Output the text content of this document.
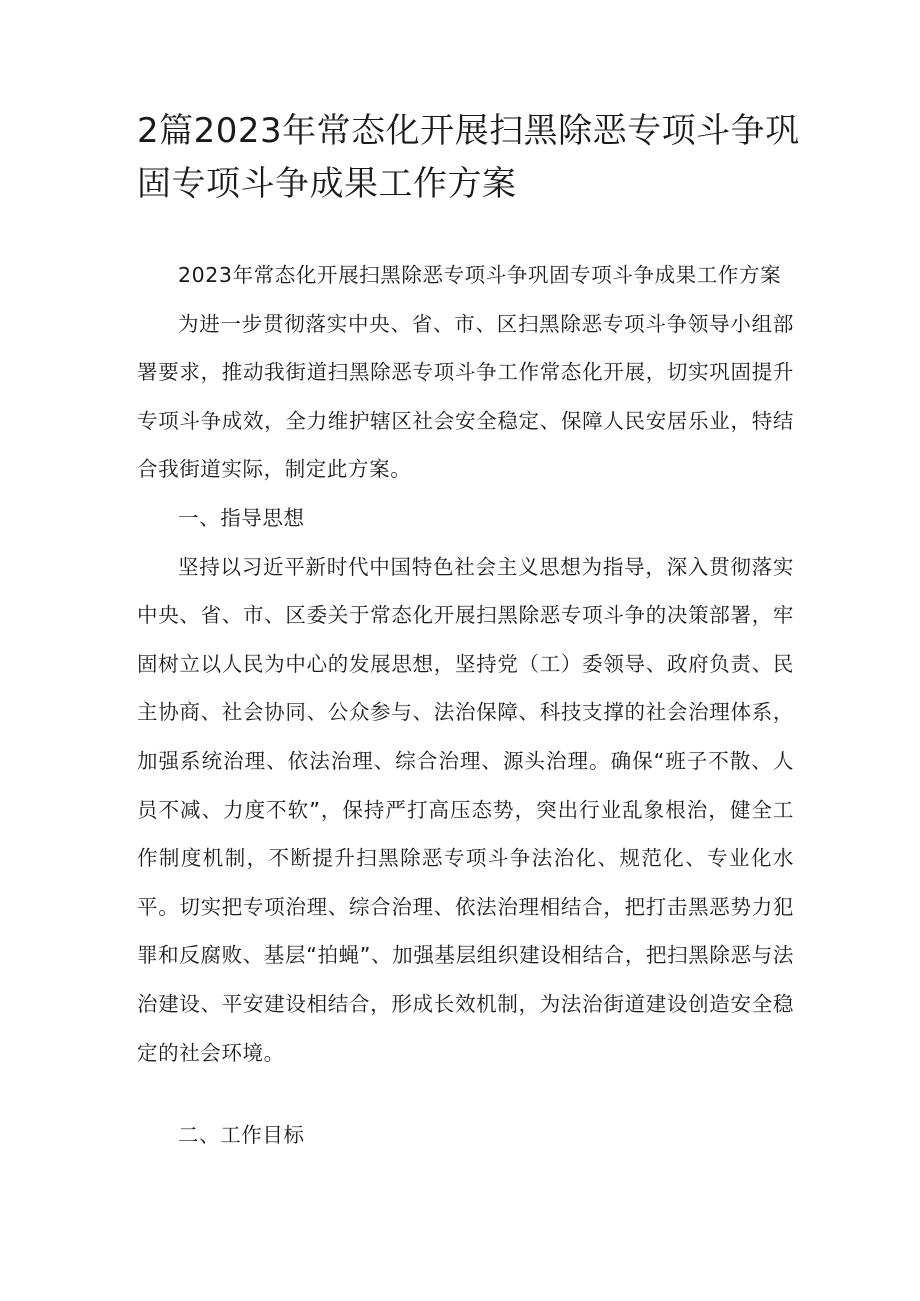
2篇2023年常态化开展扫黑除恶专项斗争巩固专项斗争成果工作方案

2023年常态化开展扫黑除恶专项斗争巩固专项斗争成果工作方案

为进一步贯彻落实中央、省、市、区扫黑除恶专项斗争领导小组部署要求，推动我街道扫黑除恶专项斗争工作常态化开展，切实巩固提升专项斗争成效，全力维护辖区社会安全稳定、保障人民安居乐业，特结合我街道实际，制定此方案。

一、指导思想

坚持以习近平新时代中国特色社会主义思想为指导，深入贯彻落实中央、省、市、区委关于常态化开展扫黑除恶专项斗争的决策部署，牢固树立以人民为中心的发展思想，坚持党（工）委领导、政府负责、民主协商、社会协同、公众参与、法治保障、科技支撑的社会治理体系，加强系统治理、依法治理、综合治理、源头治理。确保“班子不散、人员不减、力度不软”，保持严打高压态势，突出行业乱象根治，健全工作制度机制，不断提升扫黑除恶专项斗争法治化、规范化、专业化水平。切实把专项治理、综合治理、依法治理相结合，把打击黑恶势力犯罪和反腐败、基层“拍蝇”、加强基层组织建设相结合，把扫黑除恶与法治建设、平安建设相结合，形成长效机制，为法治街道建设创造安全稳定的社会环境。

二、工作目标
